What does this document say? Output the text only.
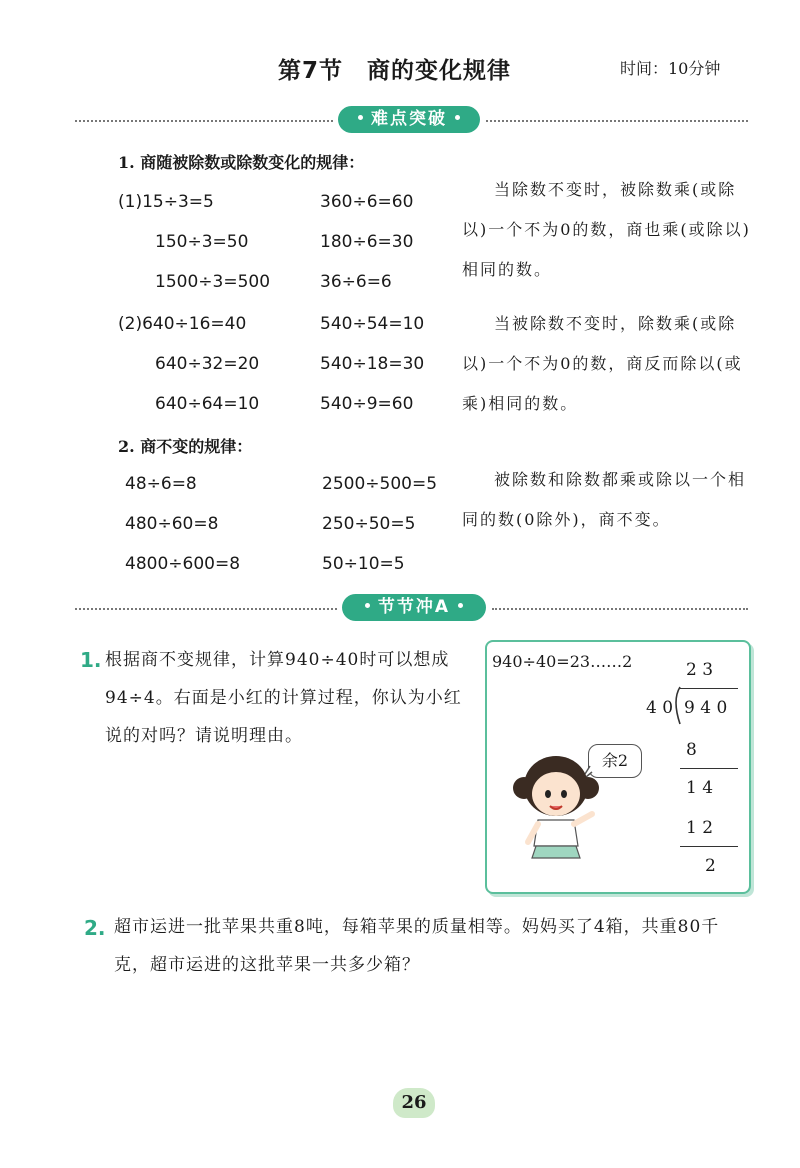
第7节　商的变化规律	时间：10分钟
难点突破
1. 商随被除数或除数变化的规律：
(1)15÷3=5
150÷3=50
1500÷3=500
360÷6=60
180÷6=30
36÷6=6
当除数不变时，被除数乘(或除以)一个不为0的数，商也乘(或除以)相同的数。
(2)640÷16=40
640÷32=20
640÷64=10
540÷54=10
540÷18=30
540÷9=60
当被除数不变时，除数乘(或除以)一个不为0的数，商反而除以(或乘)相同的数。
2. 商不变的规律：
48÷6=8
480÷60=8
4800÷600=8
2500÷500=5
250÷50=5
50÷10=5
被除数和除数都乘或除以一个相同的数(0除外)，商不变。
节节冲A
1. 根据商不变规律，计算940÷40时可以想成94÷4。右面是小红的计算过程，你认为小红说的对吗？请说明理由。
940÷40=23……2	2 3
4 0 9 4 0
8
1 4
1 2
2
余2
2. 超市运进一批苹果共重8吨，每箱苹果的质量相等。妈妈买了4箱，共重80千克，超市运进的这批苹果一共多少箱？
26
